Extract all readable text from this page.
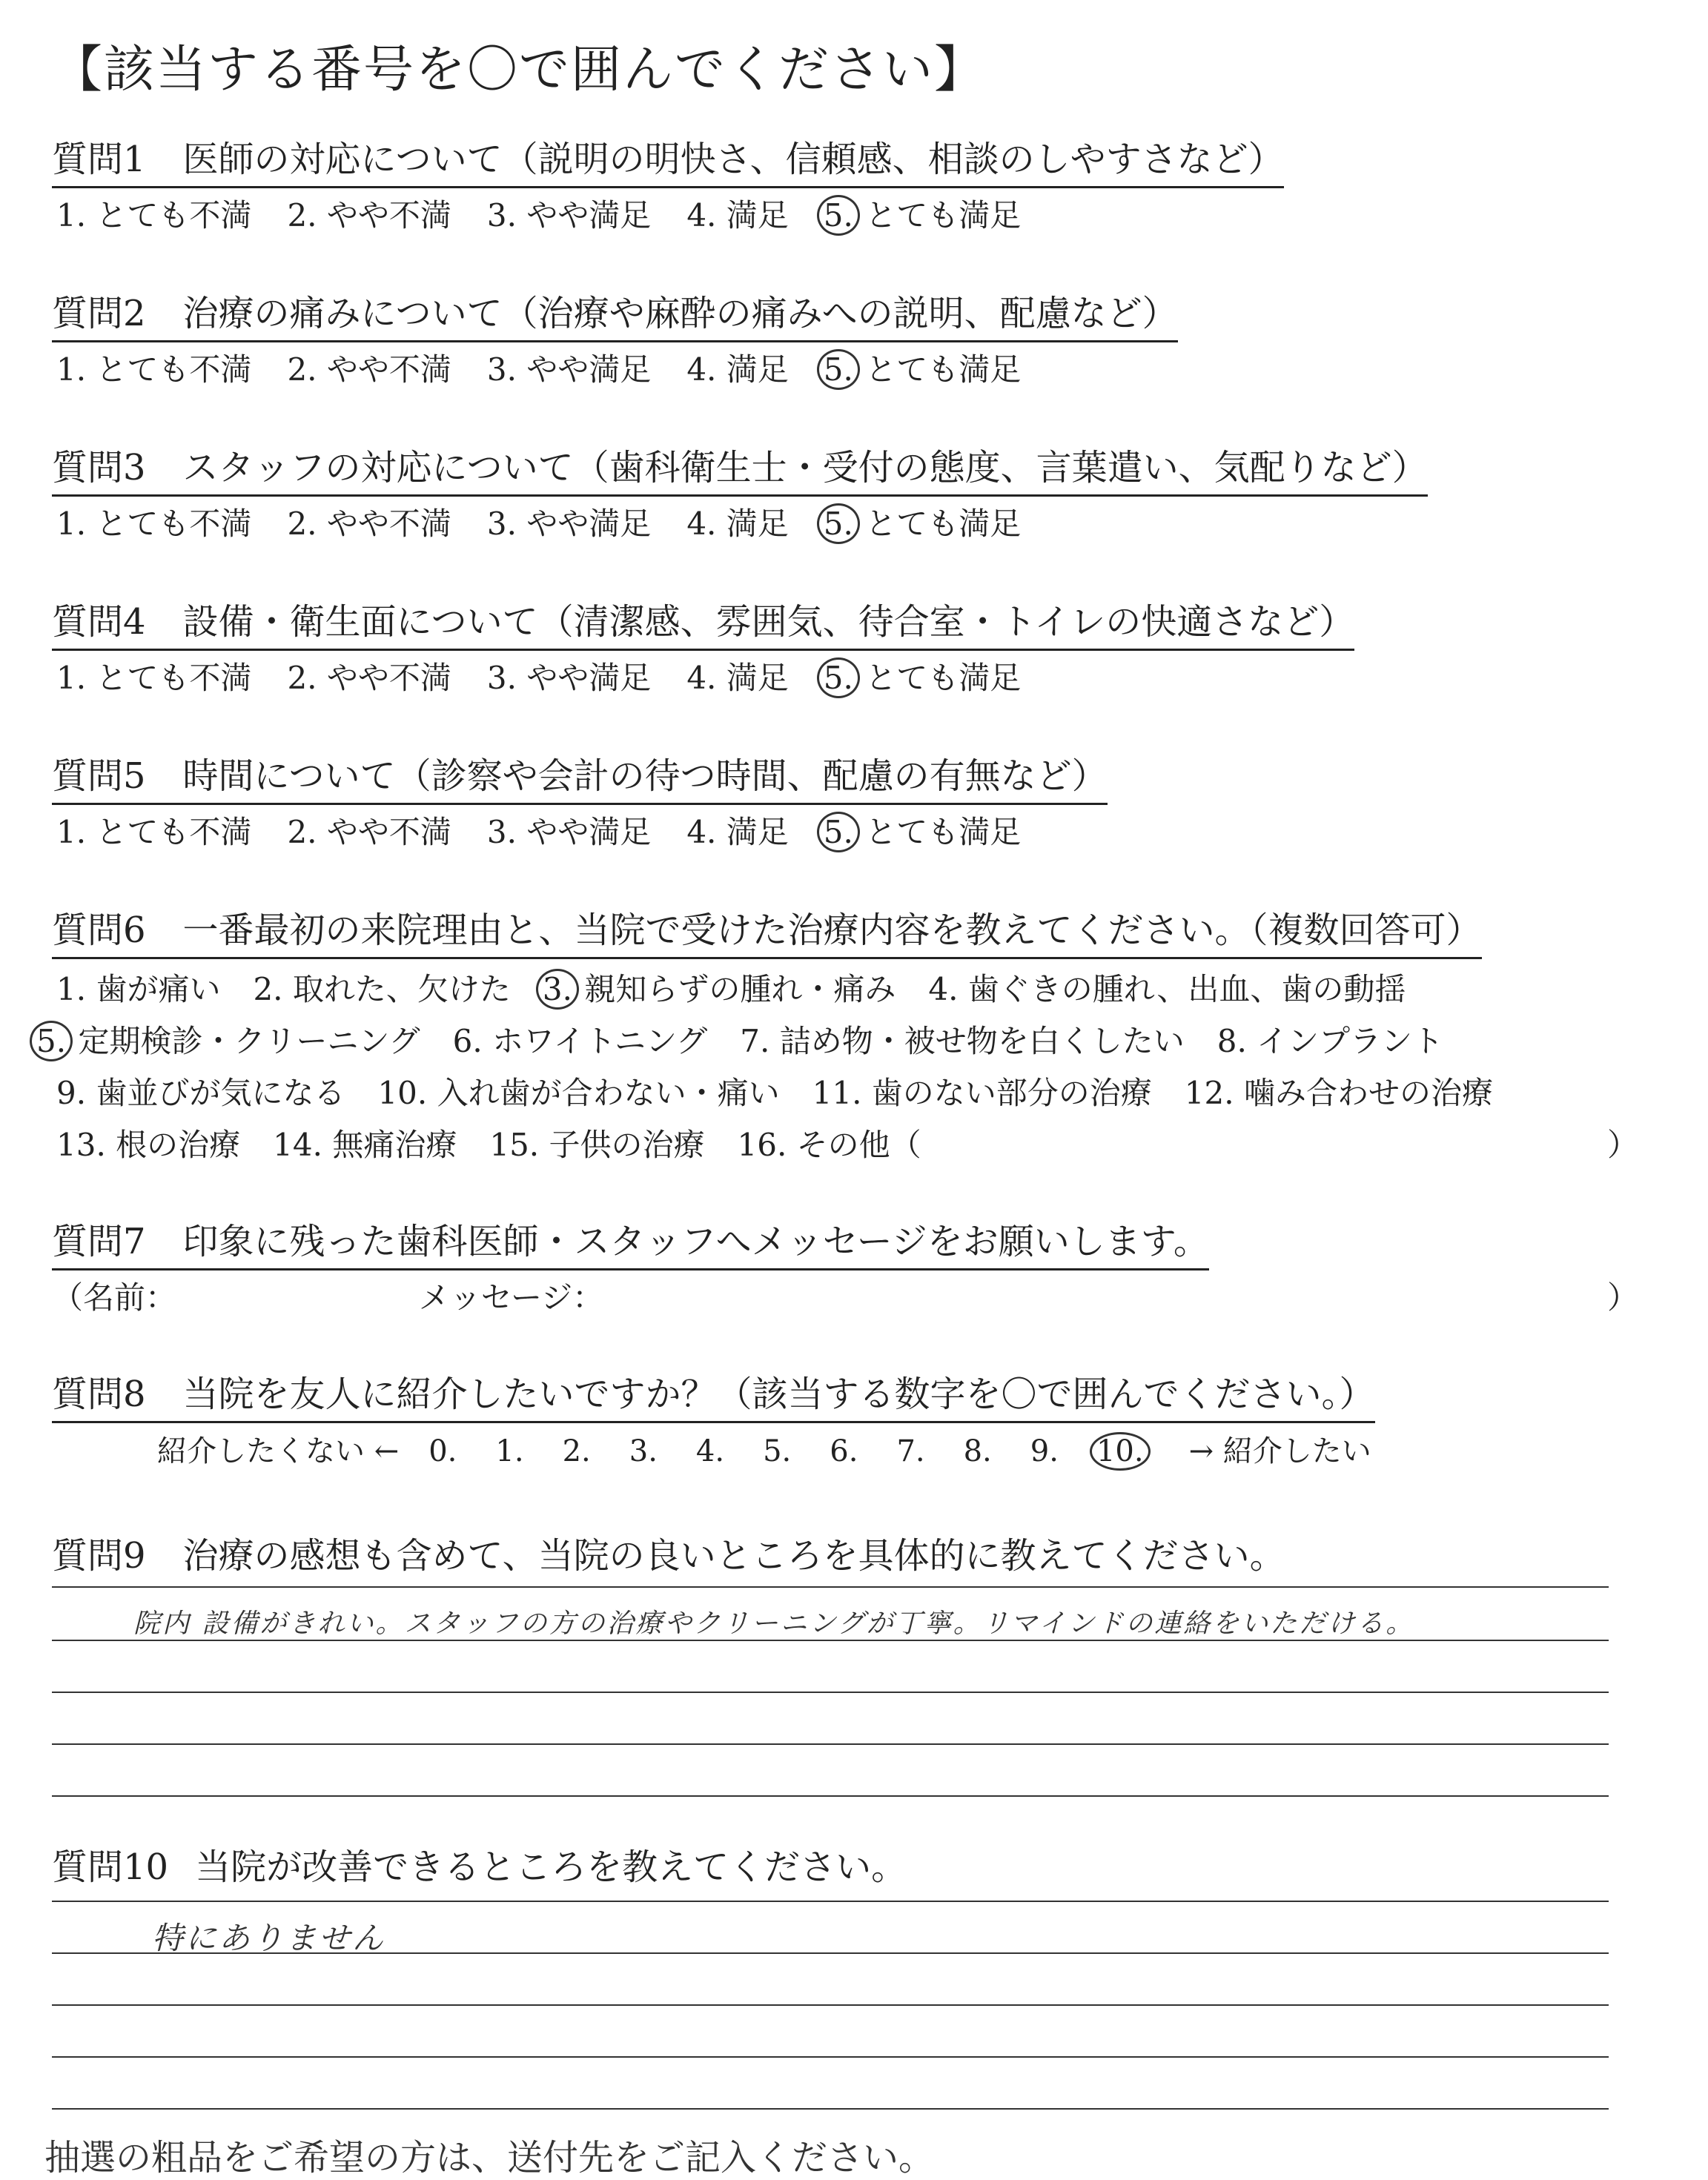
【該当する番号を〇で囲んでください】
質問1 医師の対応について（説明の明快さ、信頼感、相談のしやすさなど）
1. とても不満 2. やや不満 3. やや満足 4. 満足 5. とても満足
質問2 治療の痛みについて（治療や麻酔の痛みへの説明、配慮など）
1. とても不満 2. やや不満 3. やや満足 4. 満足 5. とても満足
質問3 スタッフの対応について（歯科衛生士・受付の態度、言葉遣い、気配りなど）
1. とても不満 2. やや不満 3. やや満足 4. 満足 5. とても満足
質問4 設備・衛生面について（清潔感、雰囲気、待合室・トイレの快適さなど）
1. とても不満 2. やや不満 3. やや満足 4. 満足 5. とても満足
質問5 時間について（診察や会計の待つ時間、配慮の有無など）
1. とても不満 2. やや不満 3. やや満足 4. 満足 5. とても満足
質問6 一番最初の来院理由と、当院で受けた治療内容を教えてください。（複数回答可）
1. 歯が痛い 2. 取れた、欠けた 3. 親知らずの腫れ・痛み 4. 歯ぐきの腫れ、出血、歯の動揺
5. 定期検診・クリーニング 6. ホワイトニング 7. 詰め物・被せ物を白くしたい 8. インプラント
9. 歯並びが気になる 10. 入れ歯が合わない・痛い 11. 歯のない部分の治療 12. 噛み合わせの治療
13. 根の治療 14. 無痛治療 15. 子供の治療 16. その他（	）
質問7 印象に残った歯科医師・スタッフへメッセージをお願いします。
（名前：	メッセージ：	）
質問8 当院を友人に紹介したいですか？（該当する数字を〇で囲んでください。）
紹介したくない ← 0. 1. 2. 3. 4. 5. 6. 7. 8. 9. 10. → 紹介したい
質問9 治療の感想も含めて、当院の良いところを具体的に教えてください。
院内 設備がきれい。スタッフの方の治療やクリーニングが丁寧。リマインドの連絡をいただける。
質問10 当院が改善できるところを教えてください。
特にありません
抽選の粗品をご希望の方は、送付先をご記入ください。
